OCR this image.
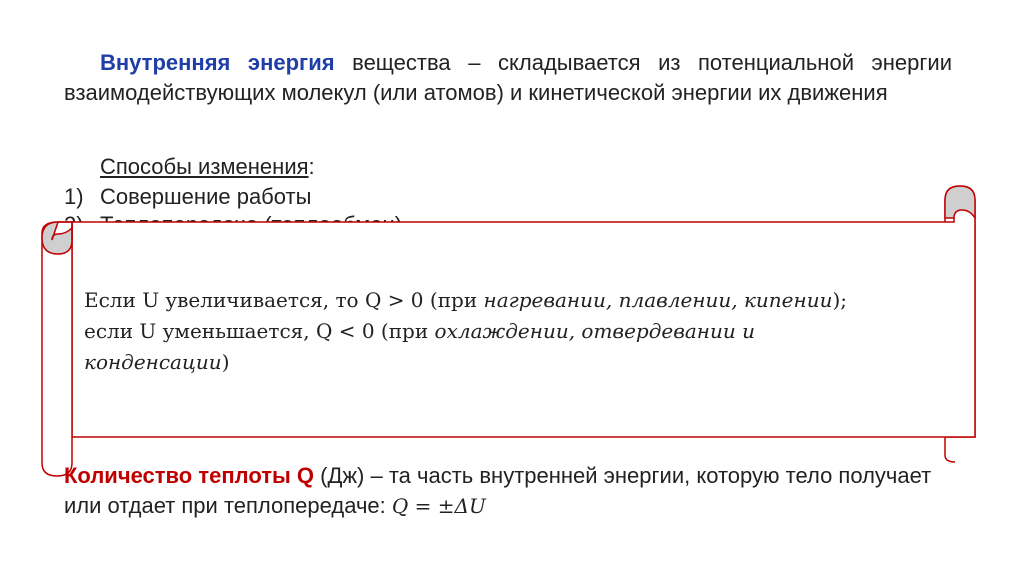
Внутренняя энергия вещества – складывается из потенциальной энергии взаимодействующих молекул (или атомов) и кинетической энергии их движения

Способы изменения:

1) Совершение работы

Если U увеличивается, то Q > 0 (при нагревании, плавлении, кипении);
если U уменьшается, Q < 0 (при охлаждении, отвердевании и
конденсации)

Количество теплоты Q (Дж) – та часть внутренней энергии, которую тело получает или отдает при теплопередаче: Q = ±ΔU
